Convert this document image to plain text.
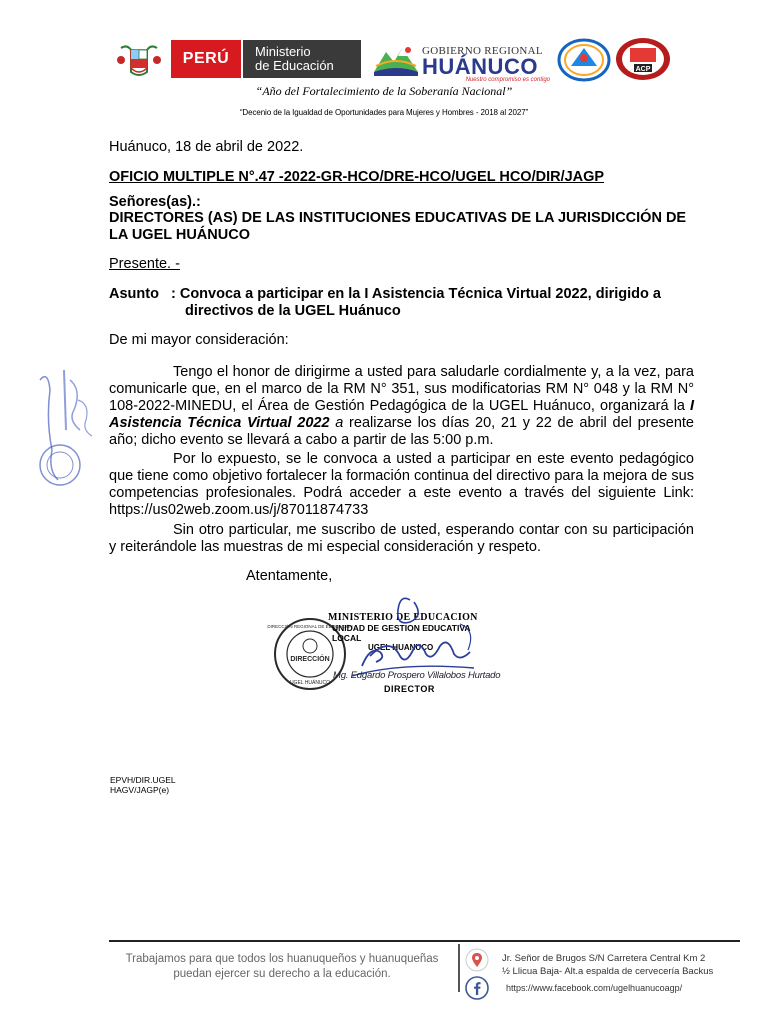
PERÚ	Ministerio
de Educación
GOBIERNO REGIONAL
HUÁNUCO
Nuestro compromiso es contigo
ACP
“Año del Fortalecimiento de la Soberanía Nacional”
“Decenio de la Igualdad de Oportunidades para Mujeres y Hombres - 2018 al 2027”
Huánuco, 18 de abril de 2022.
OFICIO MULTIPLE N°.47 -2022-GR-HCO/DRE-HCO/UGEL HCO/DIR/JAGP
Señores(as).:
DIRECTORES (AS) DE LAS INSTITUCIONES EDUCATIVAS DE LA JURISDICCIÓN DE LA UGEL HUÁNUCO
Presente. -
Asunto : Convoca a participar en la I Asistencia Técnica Virtual 2022, dirigido a
directivos de la UGEL Huánuco
De mi mayor consideración:
Tengo el honor de dirigirme a usted para saludarle cordialmente y, a la vez, para comunicarle que, en el marco de la RM N° 351, sus modificatorias RM N° 048 y la RM N° 108-2022-MINEDU, el Área de Gestión Pedagógica de la UGEL Huánuco, organizará la I Asistencia Técnica Virtual 2022 a realizarse los días 20, 21 y 22 de abril del presente año; dicho evento se llevará a cabo a partir de las 5:00 p.m.
Por lo expuesto, se le convoca a usted a participar en este evento pedagógico que tiene como objetivo fortalecer la formación continua del directivo para la mejora de sus competencias profesionales. Podrá acceder a este evento a través del siguiente Link: https://us02web.zoom.us/j/87011874733
Sin otro particular, me suscribo de usted, esperando contar con su participación y reiterándole las muestras de mi especial consideración y respeto.
Atentamente,
DIRECCIÓN
DIRECCIÓN REGIONAL DE EDUCACIÓN
UGEL HUÁNUCO
MINISTERIO DE EDUCACION
UNIDAD DE GESTION EDUCATIVA LOCAL
UGEL HUANUCO
Mg. Edgardo Prospero Villalobos Hurtado
DIRECTOR
EPVH/DIR.UGEL
HAGV/JAGP(e)
Trabajamos para que todos los huanuqueños y huanuqueñas
puedan ejercer su derecho a la educación.
Jr. Señor de Brugos S/N Carretera Central Km 2
½ Llicua Baja- Alt.a espalda de cervecería Backus
https://www.facebook.com/ugelhuanucoagp/
